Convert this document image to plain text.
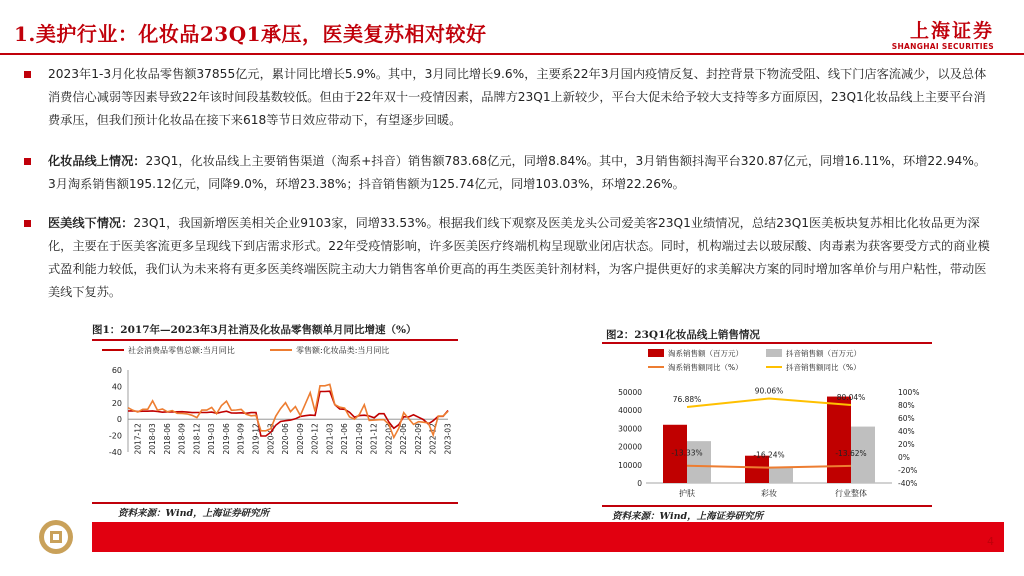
1.美护行业：化妆品23Q1承压，医美复苏相对较好	上海证券
SHANGHAI SECURITIES
2023年1-3月化妆品零售额37855亿元，累计同比增长5.9%。其中，3月同比增长9.6%，主要系22年3月国内疫情反复、封控背景下物流受阻、线下门店客流减少，以及总体消费信心减弱等因素导致22年该时间段基数较低。但由于22年双十一疫情因素，品牌方23Q1上新较少，平台大促未给予较大支持等多方面原因，23Q1化妆品线上主要平台消费承压，但我们预计化妆品在接下来618等节日效应带动下，有望逐步回暖。
化妆品线上情况：23Q1，化妆品线上主要销售渠道（淘系+抖音）销售额783.68亿元，同增8.84%。其中，3月销售额抖淘平台320.87亿元，同增16.11%，环增22.94%。3月淘系销售额195.12亿元，同降9.0%，环增23.38%；抖音销售额为125.74亿元，同增103.03%，环增22.26%。
医美线下情况：23Q1，我国新增医美相关企业9103家，同增33.53%。根据我们线下观察及医美龙头公司爱美客23Q1业绩情况，总结23Q1医美板块复苏相比化妆品更为深化，主要在于医美客流更多呈现线下到店需求形式。22年受疫情影响，许多医美医疗终端机构呈现歇业闭店状态。同时，机构端过去以玻尿酸、肉毒素为获客要受方式的商业模式盈利能力较低，我们认为未来将有更多医美终端医院主动大力销售客单价更高的再生类医美针剂材料，为客户提供更好的求美解决方案的同时增加客单价与用户粘性，带动医美线下复苏。
图1：2017年—2023年3月社消及化妆品零售额单月同比增速（%）
社会消费品零售总额:当月同比	零售额:化妆品类:当月同比
-40
-20
0
20
40
60
2017-12 2018-03 2018-06 2018-09 2018-12 2019-03 2019-06 2019-09 2019-12 2020-03 2020-06 2020-09 2020-12 2021-03 2021-06 2021-09 2021-12 2022-03 2022-06 2022-09 2022-12 2023-03
资料来源：Wind，上海证券研究所
图2：23Q1化妆品线上销售情况
淘系销售额（百万元）	抖音销售额（百万元）
淘系销售额同比（%）	抖音销售额同比（%）
0
10000
20000
30000
40000
50000
-40%
-20%
0%
20%
40%
60%
80%
100%
护肤	彩妆	行业整体
-13.33%	-16.24%	-13.62%
76.88%
90.06%
80.04%
资料来源：Wind，上海证券研究所
4
